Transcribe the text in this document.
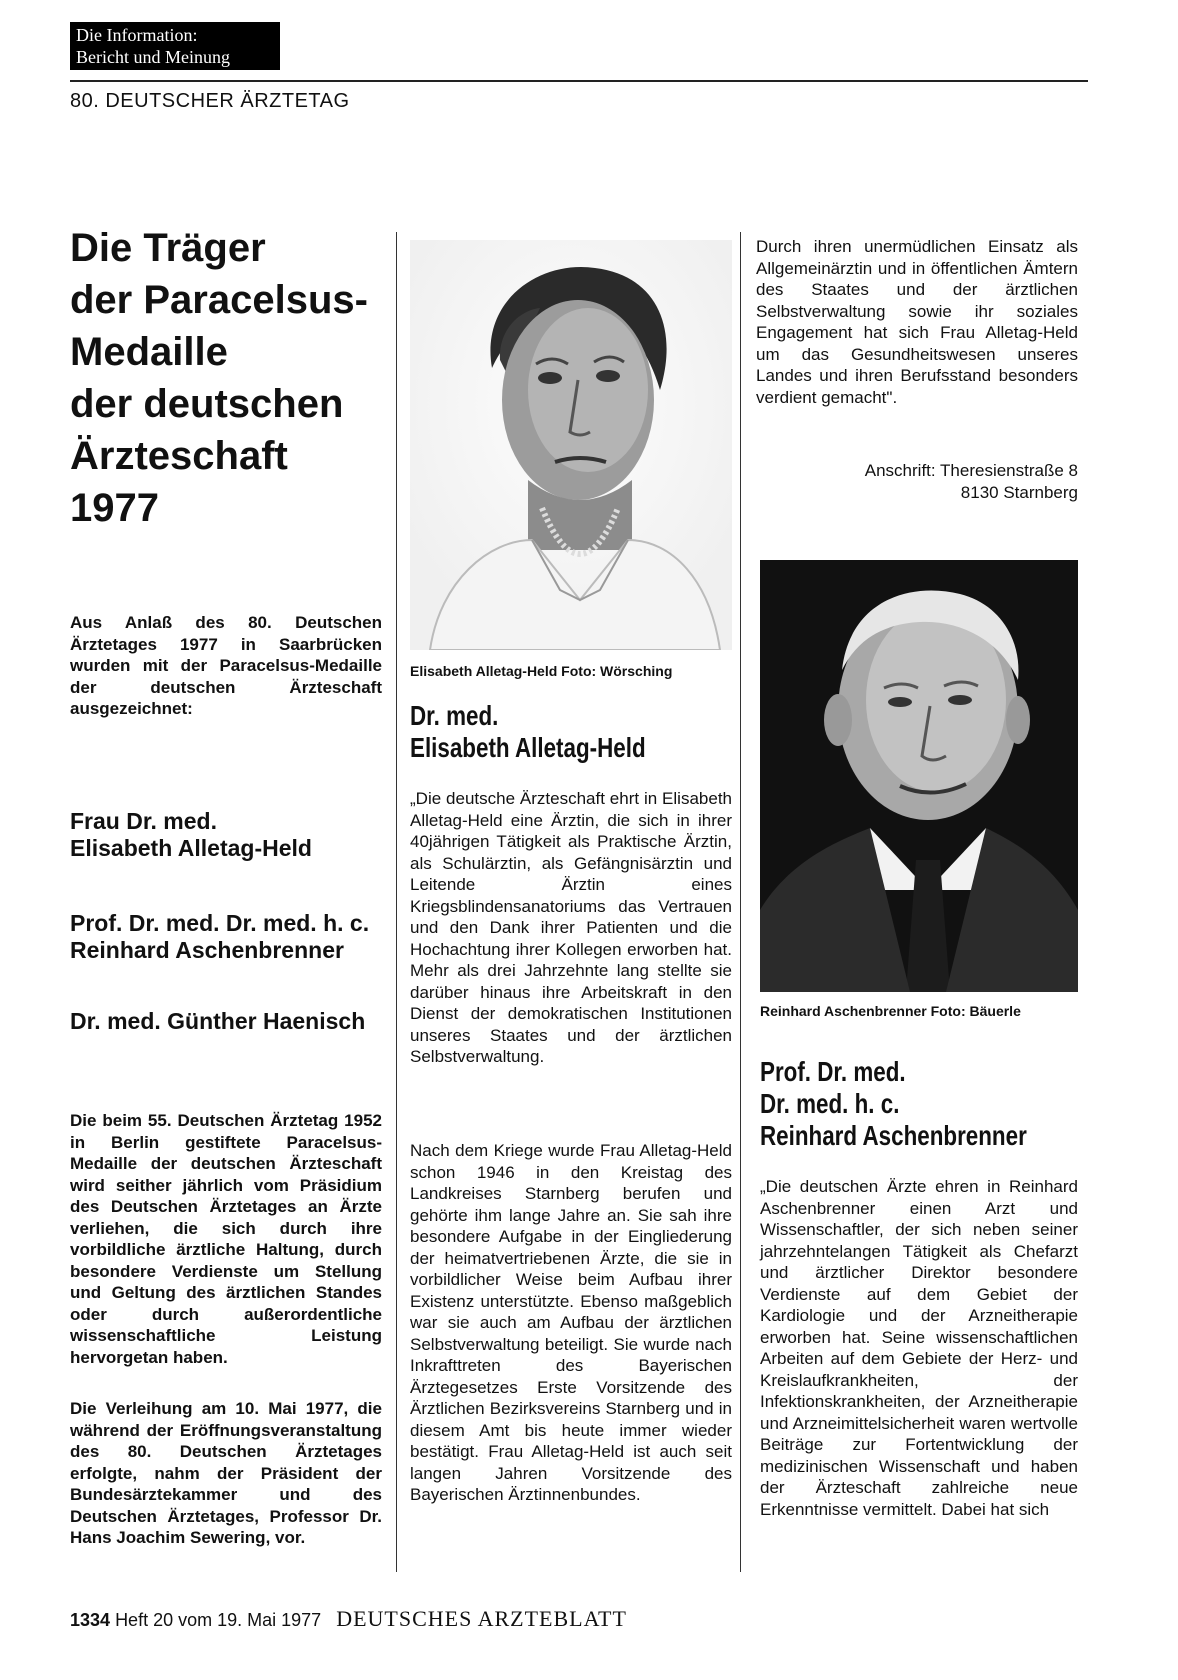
Die Information:
Bericht und Meinung
80. DEUTSCHER ÄRZTETAG
Die Träger
der Paracelsus-
Medaille
der deutschen
Ärzteschaft
1977

Aus Anlaß des 80. Deutschen Ärztetages 1977 in Saarbrücken wurden mit der Paracelsus-Medaille der deutschen Ärzteschaft ausgezeichnet:

Frau Dr. med.
Elisabeth Alletag-Held
Prof. Dr. med. Dr. med. h. c.
Reinhard Aschenbrenner
Dr. med. Günther Haenisch

Die beim 55. Deutschen Ärztetag 1952 in Berlin gestiftete Paracelsus-Medaille der deutschen Ärzteschaft wird seither jährlich vom Präsidium des Deutschen Ärztetages an Ärzte verliehen, die sich durch ihre vorbildliche ärztliche Haltung, durch besondere Verdienste um Stellung und Geltung des ärztlichen Standes oder durch außerordentliche wissenschaftliche Leistung hervorgetan haben.

Die Verleihung am 10. Mai 1977, die während der Eröffnungsveranstaltung des 80. Deutschen Ärztetages erfolgte, nahm der Präsident der Bundesärztekammer und des Deutschen Ärztetages, Professor Dr. Hans Joachim Sewering, vor.

Elisabeth Alletag-Held Foto: Wörsching
Dr. med.
Elisabeth Alletag-Held

„Die deutsche Ärzteschaft ehrt in Elisabeth Alletag-Held eine Ärztin, die sich in ihrer 40jährigen Tätigkeit als Praktische Ärztin, als Schulärztin, als Gefängnisärztin und Leitende Ärztin eines Kriegsblindensanatoriums das Vertrauen und den Dank ihrer Patienten und die Hochachtung ihrer Kollegen erworben hat. Mehr als drei Jahrzehnte lang stellte sie darüber hinaus ihre Arbeitskraft in den Dienst der demokratischen Institutionen unseres Staates und der ärztlichen Selbstverwaltung.

Nach dem Kriege wurde Frau Alletag-Held schon 1946 in den Kreistag des Landkreises Starnberg berufen und gehörte ihm lange Jahre an. Sie sah ihre besondere Aufgabe in der Eingliederung der heimatvertriebenen Ärzte, die sie in vorbildlicher Weise beim Aufbau ihrer Existenz unterstützte. Ebenso maßgeblich war sie auch am Aufbau der ärztlichen Selbstverwaltung beteiligt. Sie wurde nach Inkrafttreten des Bayerischen Ärztegesetzes Erste Vorsitzende des Ärztlichen Bezirksvereins Starnberg und in diesem Amt bis heute immer wieder bestätigt. Frau Alletag-Held ist auch seit langen Jahren Vorsitzende des Bayerischen Ärztinnenbundes.

Durch ihren unermüdlichen Einsatz als Allgemeinärztin und in öffentlichen Ämtern des Staates und der ärztlichen Selbstverwaltung sowie ihr soziales Engagement hat sich Frau Alletag-Held um das Gesundheitswesen unseres Landes und ihren Berufsstand besonders verdient gemacht".

Anschrift: Theresienstraße 8
8130 Starnberg
Reinhard Aschenbrenner Foto: Bäuerle
Prof. Dr. med.
Dr. med. h. c.
Reinhard Aschenbrenner

„Die deutschen Ärzte ehren in Reinhard Aschenbrenner einen Arzt und Wissenschaftler, der sich neben seiner jahrzehntelangen Tätigkeit als Chefarzt und ärztlicher Direktor besondere Verdienste auf dem Gebiet der Kardiologie und der Arzneitherapie erworben hat. Seine wissenschaftlichen Arbeiten auf dem Gebiete der Herz- und Kreislaufkrankheiten, der Infektionskrankheiten, der Arzneitherapie und Arzneimittelsicherheit waren wertvolle Beiträge zur Fortentwicklung der medizinischen Wissenschaft und haben der Ärzteschaft zahlreiche neue Erkenntnisse vermittelt. Dabei hat sich

1334 Heft 20 vom 19. Mai 1977 DEUTSCHES ARZTEBLATT
